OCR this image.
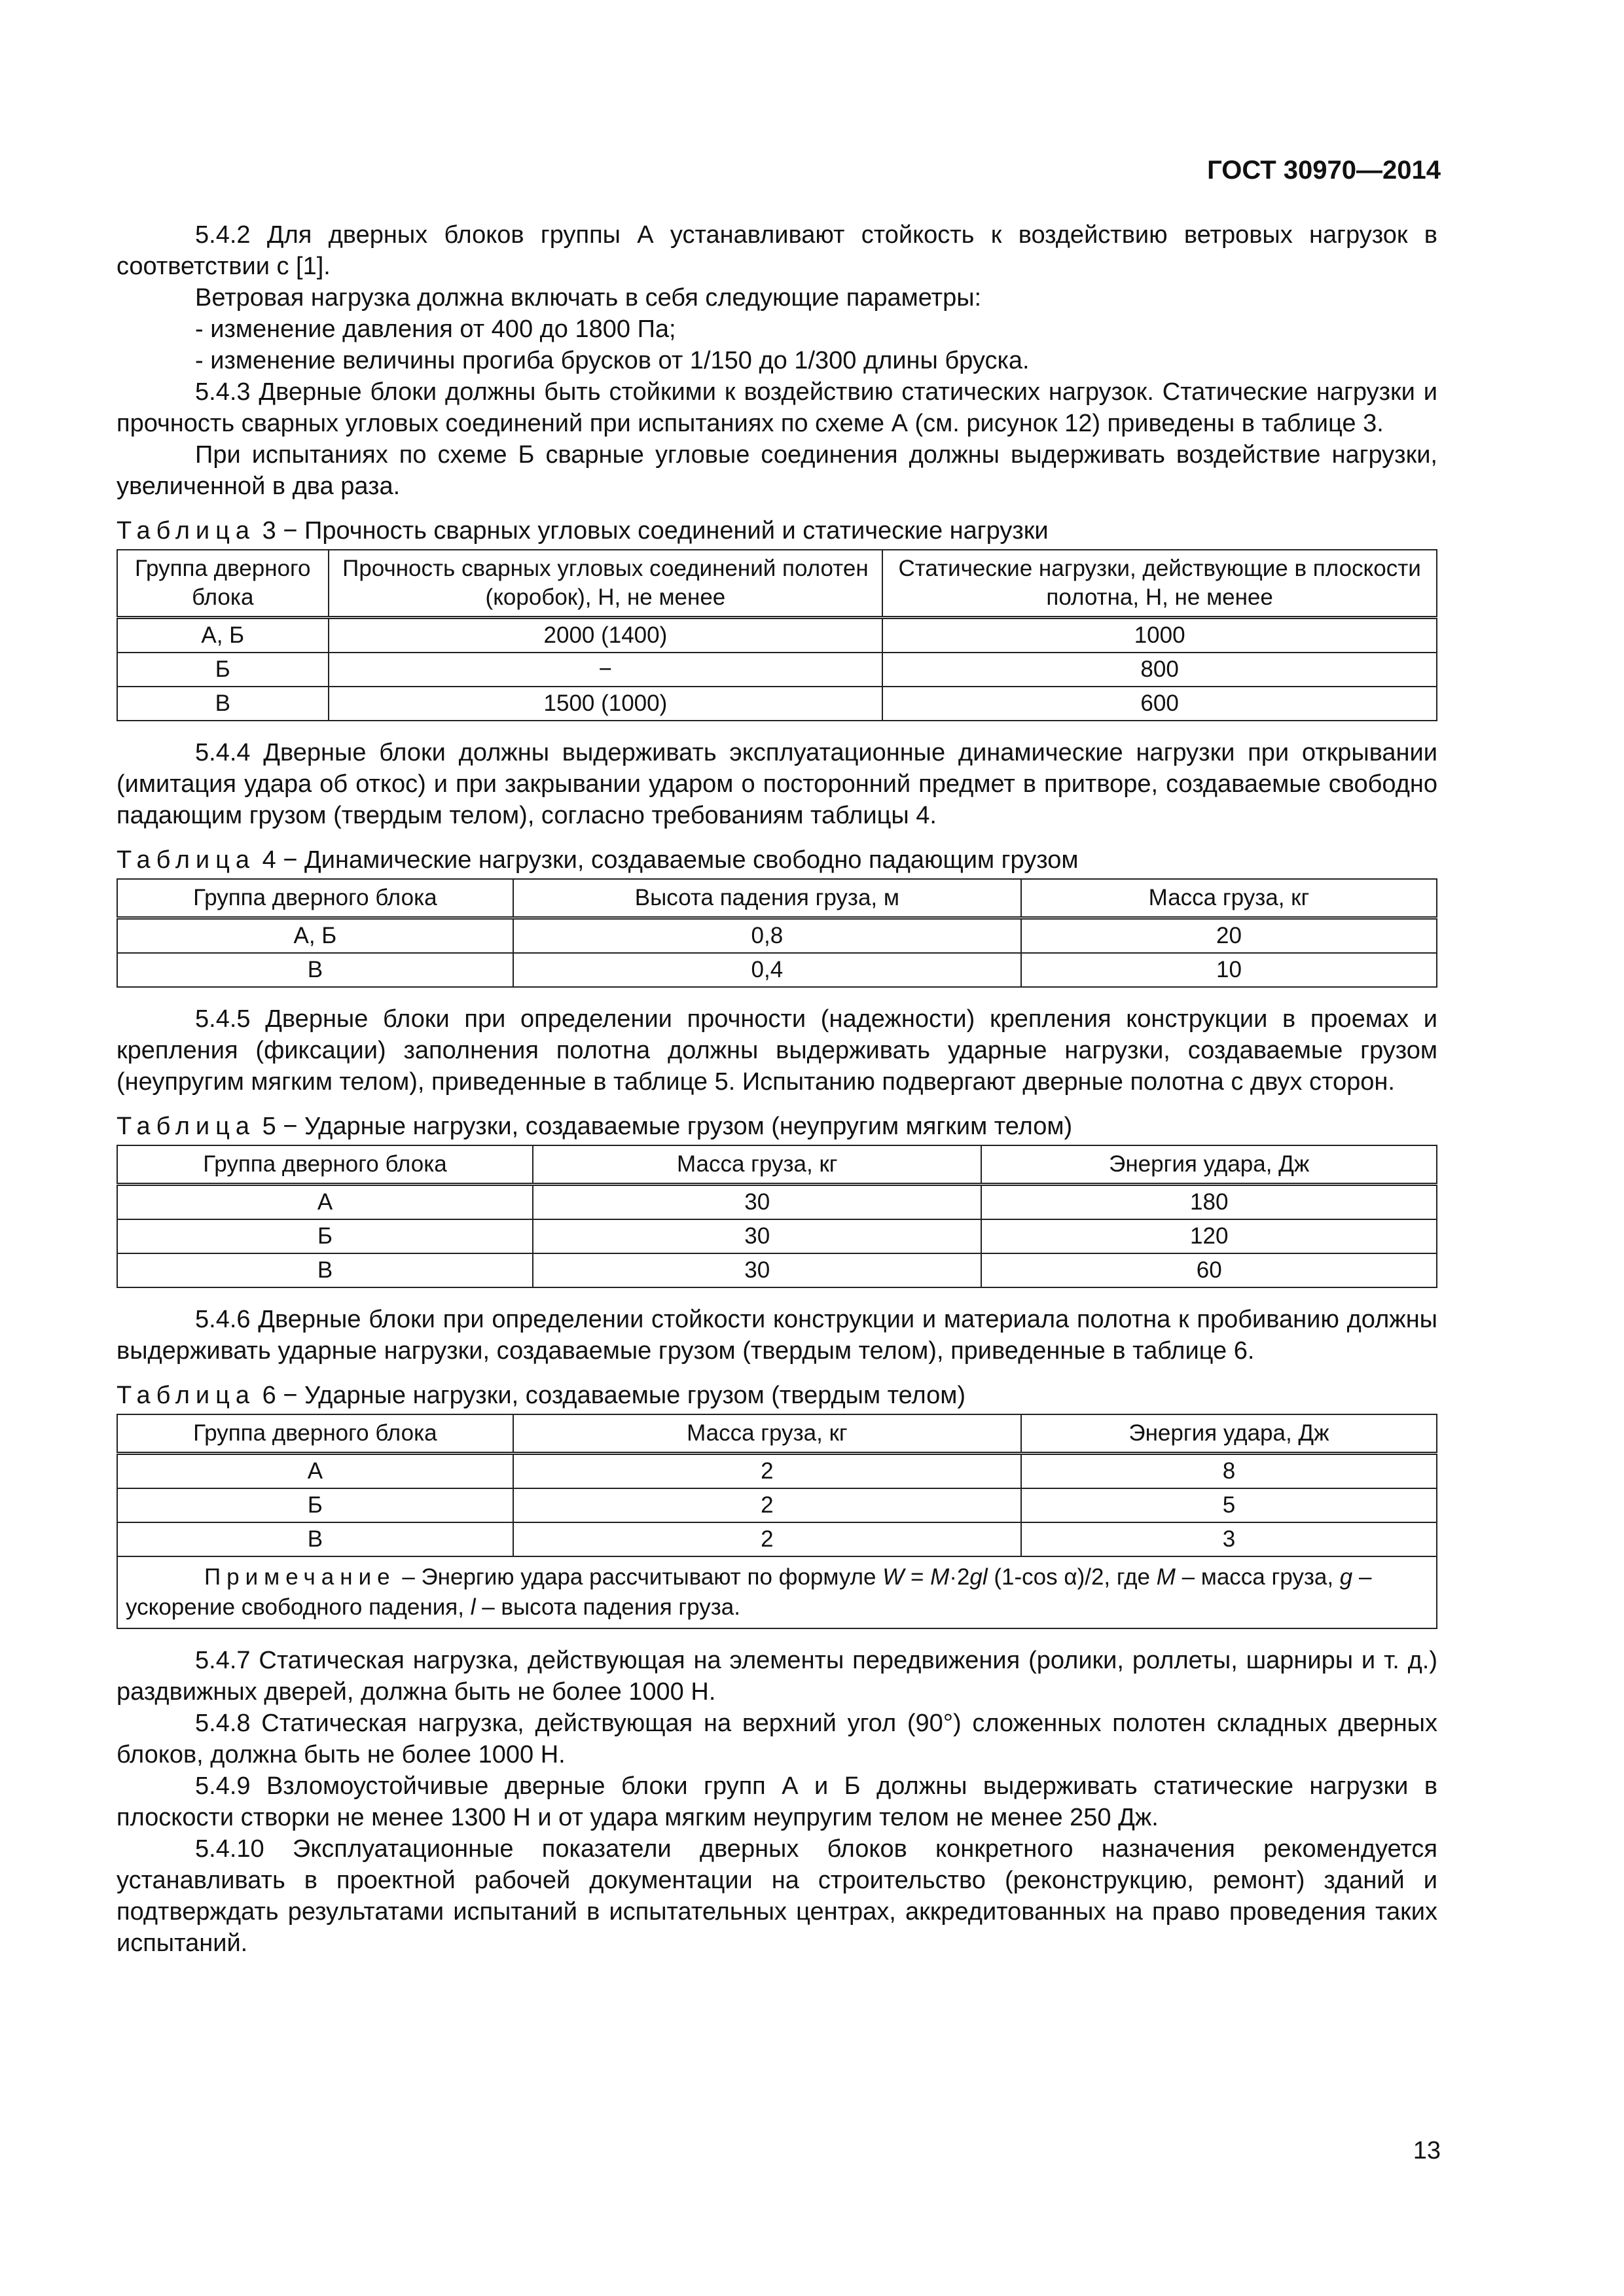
ГОСТ 30970—2014

5.4.2 Для дверных блоков группы А устанавливают стойкость к воздействию ветровых нагрузок в соответствии с [1].

Ветровая нагрузка должна включать в себя следующие параметры:

- изменение давления от 400 до 1800 Па;

- изменение величины прогиба брусков от 1/150 до 1/300 длины бруска.

5.4.3 Дверные блоки должны быть стойкими к воздействию статических нагрузок. Статические нагрузки и прочность сварных угловых соединений при испытаниях по схеме А (см. рисунок 12) приведены в таблице 3.

При испытаниях по схеме Б сварные угловые соединения должны выдерживать воздействие нагрузки, увеличенной в два раза.

Таблица 3 − Прочность сварных угловых соединений и статические нагрузки
Группа дверного блока	Прочность сварных угловых соединений полотен (коробок), Н, не менее	Статические нагрузки, действующие в плоскости полотна, Н, не менее
А, Б	2000 (1400)	1000
Б	−	800
В	1500 (1000)	600

5.4.4 Дверные блоки должны выдерживать эксплуатационные динамические нагрузки при открывании (имитация удара об откос) и при закрывании ударом о посторонний предмет в притворе, создаваемые свободно падающим грузом (твердым телом), согласно требованиям таблицы 4.

Таблица 4 − Динамические нагрузки, создаваемые свободно падающим грузом
Группа дверного блока	Высота падения груза, м	Масса груза, кг
А, Б	0,8	20
В	0,4	10

5.4.5 Дверные блоки при определении прочности (надежности) крепления конструкции в проемах и крепления (фиксации) заполнения полотна должны выдерживать ударные нагрузки, создаваемые грузом (неупругим мягким телом), приведенные в таблице 5. Испытанию подвергают дверные полотна с двух сторон.

Таблица 5 − Ударные нагрузки, создаваемые грузом (неупругим мягким телом)
Группа дверного блока	Масса груза, кг	Энергия удара, Дж
А	30	180
Б	30	120
В	30	60

5.4.6 Дверные блоки при определении стойкости конструкции и материала полотна к пробиванию должны выдерживать ударные нагрузки, создаваемые грузом (твердым телом), приведенные в таблице 6.

Таблица 6 − Ударные нагрузки, создаваемые грузом (твердым телом)
Группа дверного блока	Масса груза, кг	Энергия удара, Дж
А	2	8
Б	2	5
В	2	3
Примечание – Энергию удара рассчитывают по формуле W = M·2gl (1-cos α)/2, где M – масса груза, g – ускорение свободного падения, l – высота падения груза.		

5.4.7 Статическая нагрузка, действующая на элементы передвижения (ролики, роллеты, шарниры и т. д.) раздвижных дверей, должна быть не более 1000 Н.

5.4.8 Статическая нагрузка, действующая на верхний угол (90°) сложенных полотен складных дверных блоков, должна быть не более 1000 Н.

5.4.9 Взломоустойчивые дверные блоки групп А и Б должны выдерживать статические нагрузки в плоскости створки не менее 1300 Н и от удара мягким неупругим телом не менее 250 Дж.

5.4.10 Эксплуатационные показатели дверных блоков конкретного назначения рекомендуется устанавливать в проектной рабочей документации на строительство (реконструкцию, ремонт) зданий и подтверждать результатами испытаний в испытательных центрах, аккредитованных на право проведения таких испытаний.

13
